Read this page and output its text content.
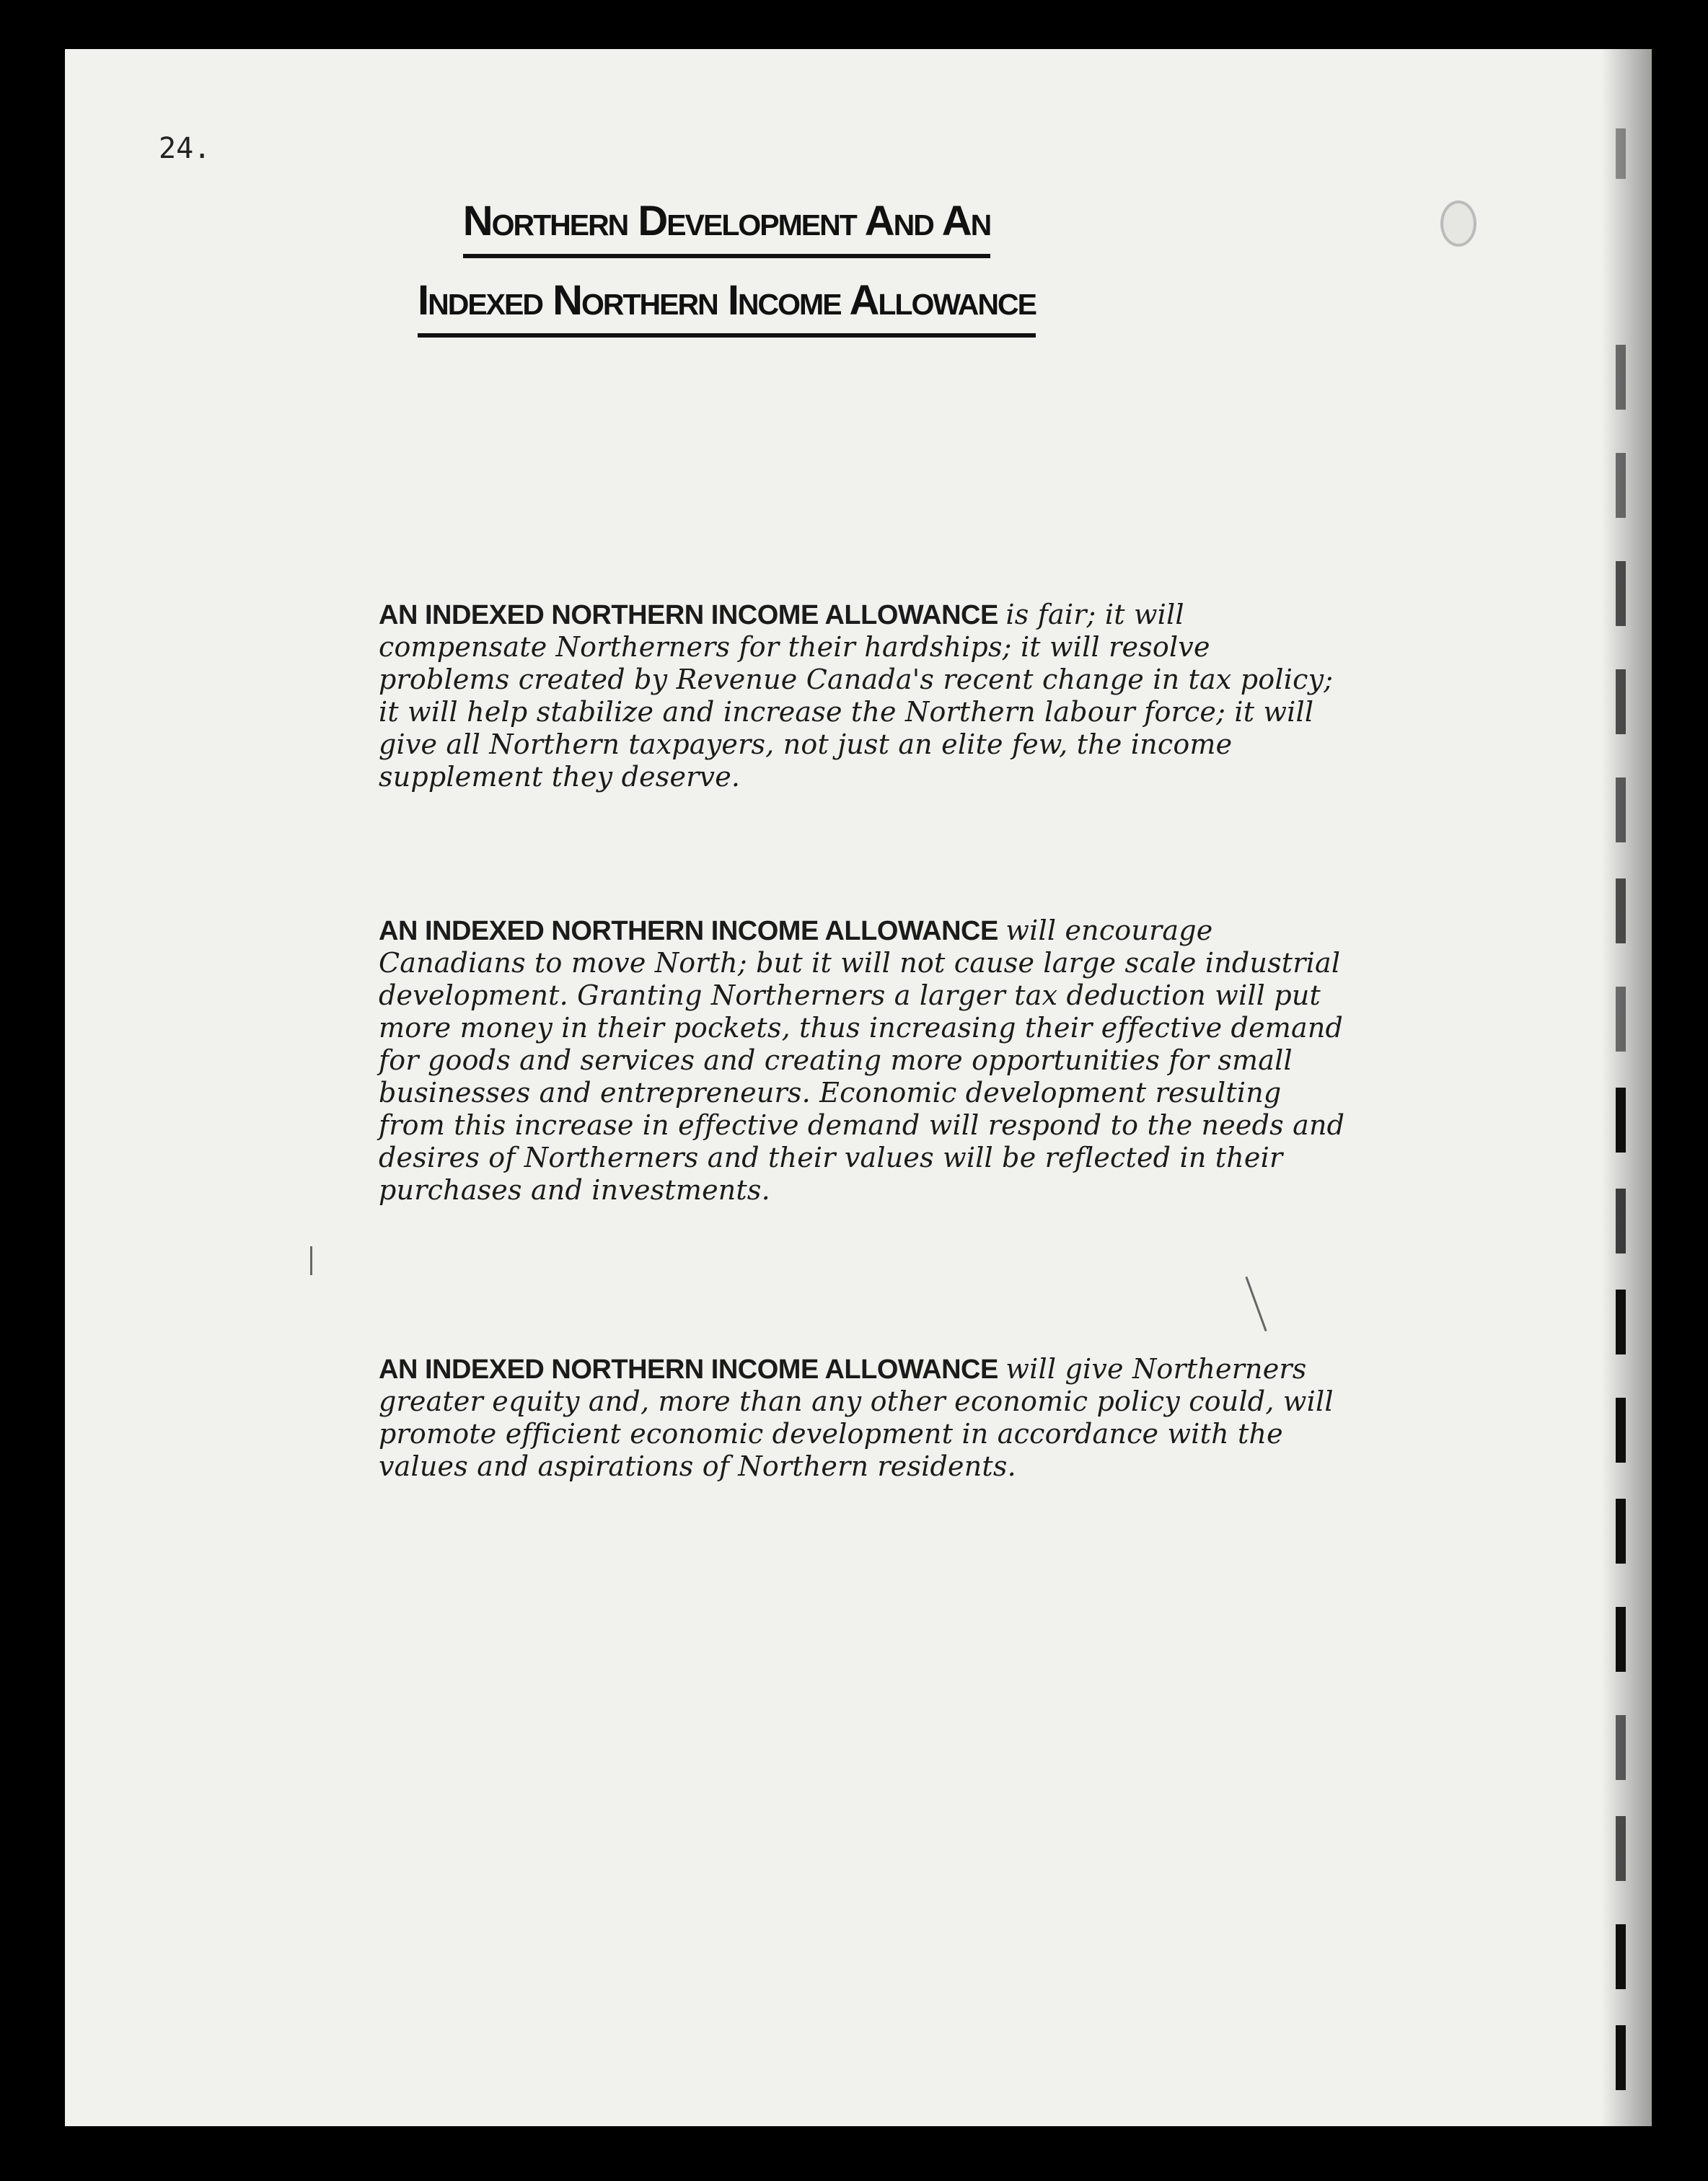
24.
Northern Development And An
Indexed Northern Income Allowance

AN INDEXED NORTHERN INCOME ALLOWANCE is fair; it will compensate Northerners for their hardships; it will resolve problems created by Revenue Canada's recent change in tax policy; it will help stabilize and increase the Northern labour force; it will give all Northern taxpayers, not just an elite few, the income supplement they deserve.

AN INDEXED NORTHERN INCOME ALLOWANCE will encourage Canadians to move North; but it will not cause large scale industrial development. Granting Northerners a larger tax deduction will put more money in their pockets, thus increasing their effective demand for goods and services and creating more opportunities for small businesses and entrepreneurs. Economic development resulting from this increase in effective demand will respond to the needs and desires of Northerners and their values will be reflected in their purchases and investments.

AN INDEXED NORTHERN INCOME ALLOWANCE will give Northerners greater equity and, more than any other economic policy could, will promote efficient economic development in accordance with the values and aspirations of Northern residents.
